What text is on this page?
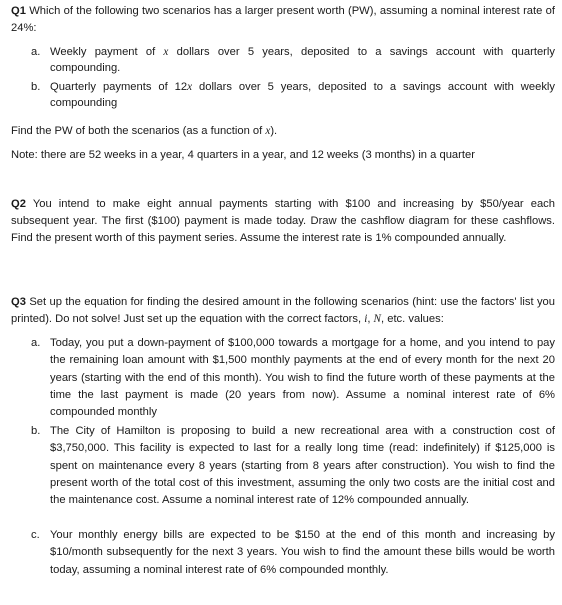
Q1 Which of the following two scenarios has a larger present worth (PW), assuming a nominal interest rate of 24%:
a. Weekly payment of x dollars over 5 years, deposited to a savings account with quarterly compounding.
b. Quarterly payments of 12x dollars over 5 years, deposited to a savings account with weekly compounding
Find the PW of both the scenarios (as a function of x).
Note: there are 52 weeks in a year, 4 quarters in a year, and 12 weeks (3 months) in a quarter
Q2 You intend to make eight annual payments starting with $100 and increasing by $50/year each subsequent year. The first ($100) payment is made today. Draw the cashflow diagram for these cashflows. Find the present worth of this payment series. Assume the interest rate is 1% compounded annually.
Q3 Set up the equation for finding the desired amount in the following scenarios (hint: use the factors' list you printed). Do not solve! Just set up the equation with the correct factors, i, N, etc. values:
a. Today, you put a down-payment of $100,000 towards a mortgage for a home, and you intend to pay the remaining loan amount with $1,500 monthly payments at the end of every month for the next 20 years (starting with the end of this month). You wish to find the future worth of these payments at the time the last payment is made (20 years from now). Assume a nominal interest rate of 6% compounded monthly
b. The City of Hamilton is proposing to build a new recreational area with a construction cost of $3,750,000. This facility is expected to last for a really long time (read: indefinitely) if $125,000 is spent on maintenance every 8 years (starting from 8 years after construction). You wish to find the present worth of the total cost of this investment, assuming the only two costs are the initial cost and the maintenance cost. Assume a nominal interest rate of 12% compounded annually.
c. Your monthly energy bills are expected to be $150 at the end of this month and increasing by $10/month subsequently for the next 3 years. You wish to find the amount these bills would be worth today, assuming a nominal interest rate of 6% compounded monthly.
